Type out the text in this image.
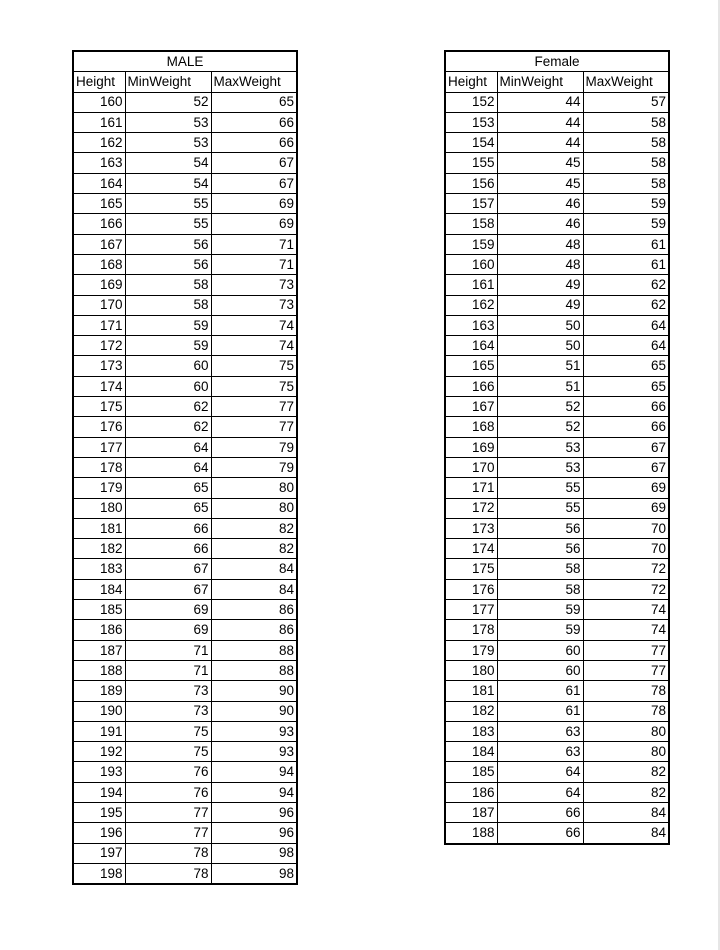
MALE		
Height	MinWeight	MaxWeight
160	52	65
161	53	66
162	53	66
163	54	67
164	54	67
165	55	69
166	55	69
167	56	71
168	56	71
169	58	73
170	58	73
171	59	74
172	59	74
173	60	75
174	60	75
175	62	77
176	62	77
177	64	79
178	64	79
179	65	80
180	65	80
181	66	82
182	66	82
183	67	84
184	67	84
185	69	86
186	69	86
187	71	88
188	71	88
189	73	90
190	73	90
191	75	93
192	75	93
193	76	94
194	76	94
195	77	96
196	77	96
197	78	98
198	78	98
Female		
Height	MinWeight	MaxWeight
152	44	57
153	44	58
154	44	58
155	45	58
156	45	58
157	46	59
158	46	59
159	48	61
160	48	61
161	49	62
162	49	62
163	50	64
164	50	64
165	51	65
166	51	65
167	52	66
168	52	66
169	53	67
170	53	67
171	55	69
172	55	69
173	56	70
174	56	70
175	58	72
176	58	72
177	59	74
178	59	74
179	60	77
180	60	77
181	61	78
182	61	78
183	63	80
184	63	80
185	64	82
186	64	82
187	66	84
188	66	84
